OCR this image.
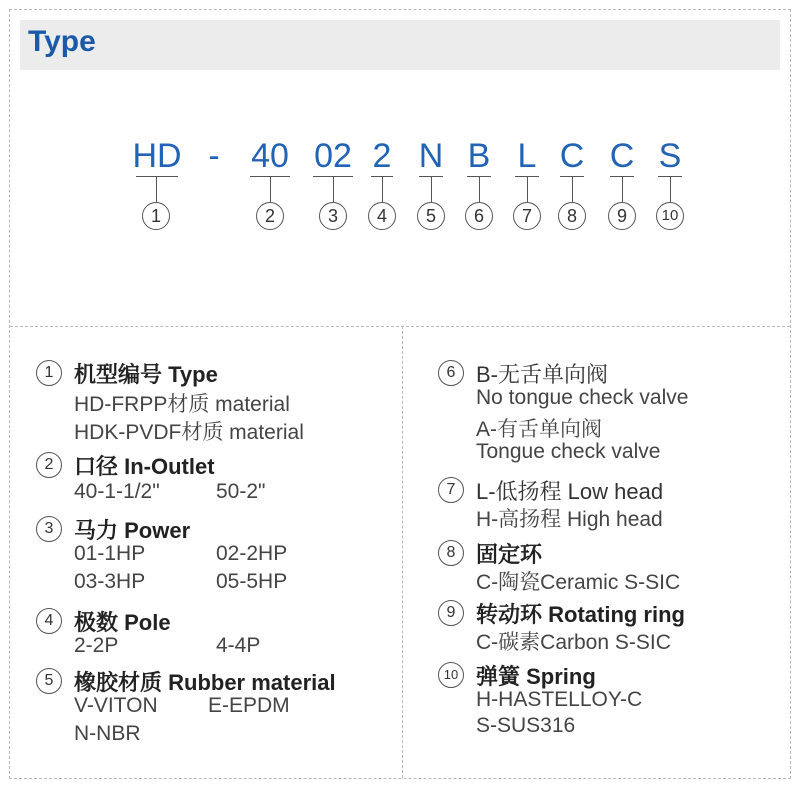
Type
HD - 40 02 2 N B L C C S
1	2	3	4	5	6	7	8	9	10
1 机型编号 Type
HD-FRPP材质 material
HDK-PVDF材质 material
2 口径 In-Outlet
40-1-1/2"	50-2"
3 马力 Power
01-1HP	02-2HP
03-3HP	05-5HP
4 极数 Pole
2-2P	4-4P
5 橡胶材质 Rubber material
V-VITON E-EPDM
N-NBR
6 B-无舌单向阀
No tongue check valve
A-有舌单向阀
Tongue check valve
7 L-低扬程 Low head
H-高扬程 High head
8 固定环
C-陶瓷Ceramic S-SIC
9 转动环 Rotating ring
C-碳素Carbon S-SIC
10 弹簧 Spring
H-HASTELLOY-C
S-SUS316
